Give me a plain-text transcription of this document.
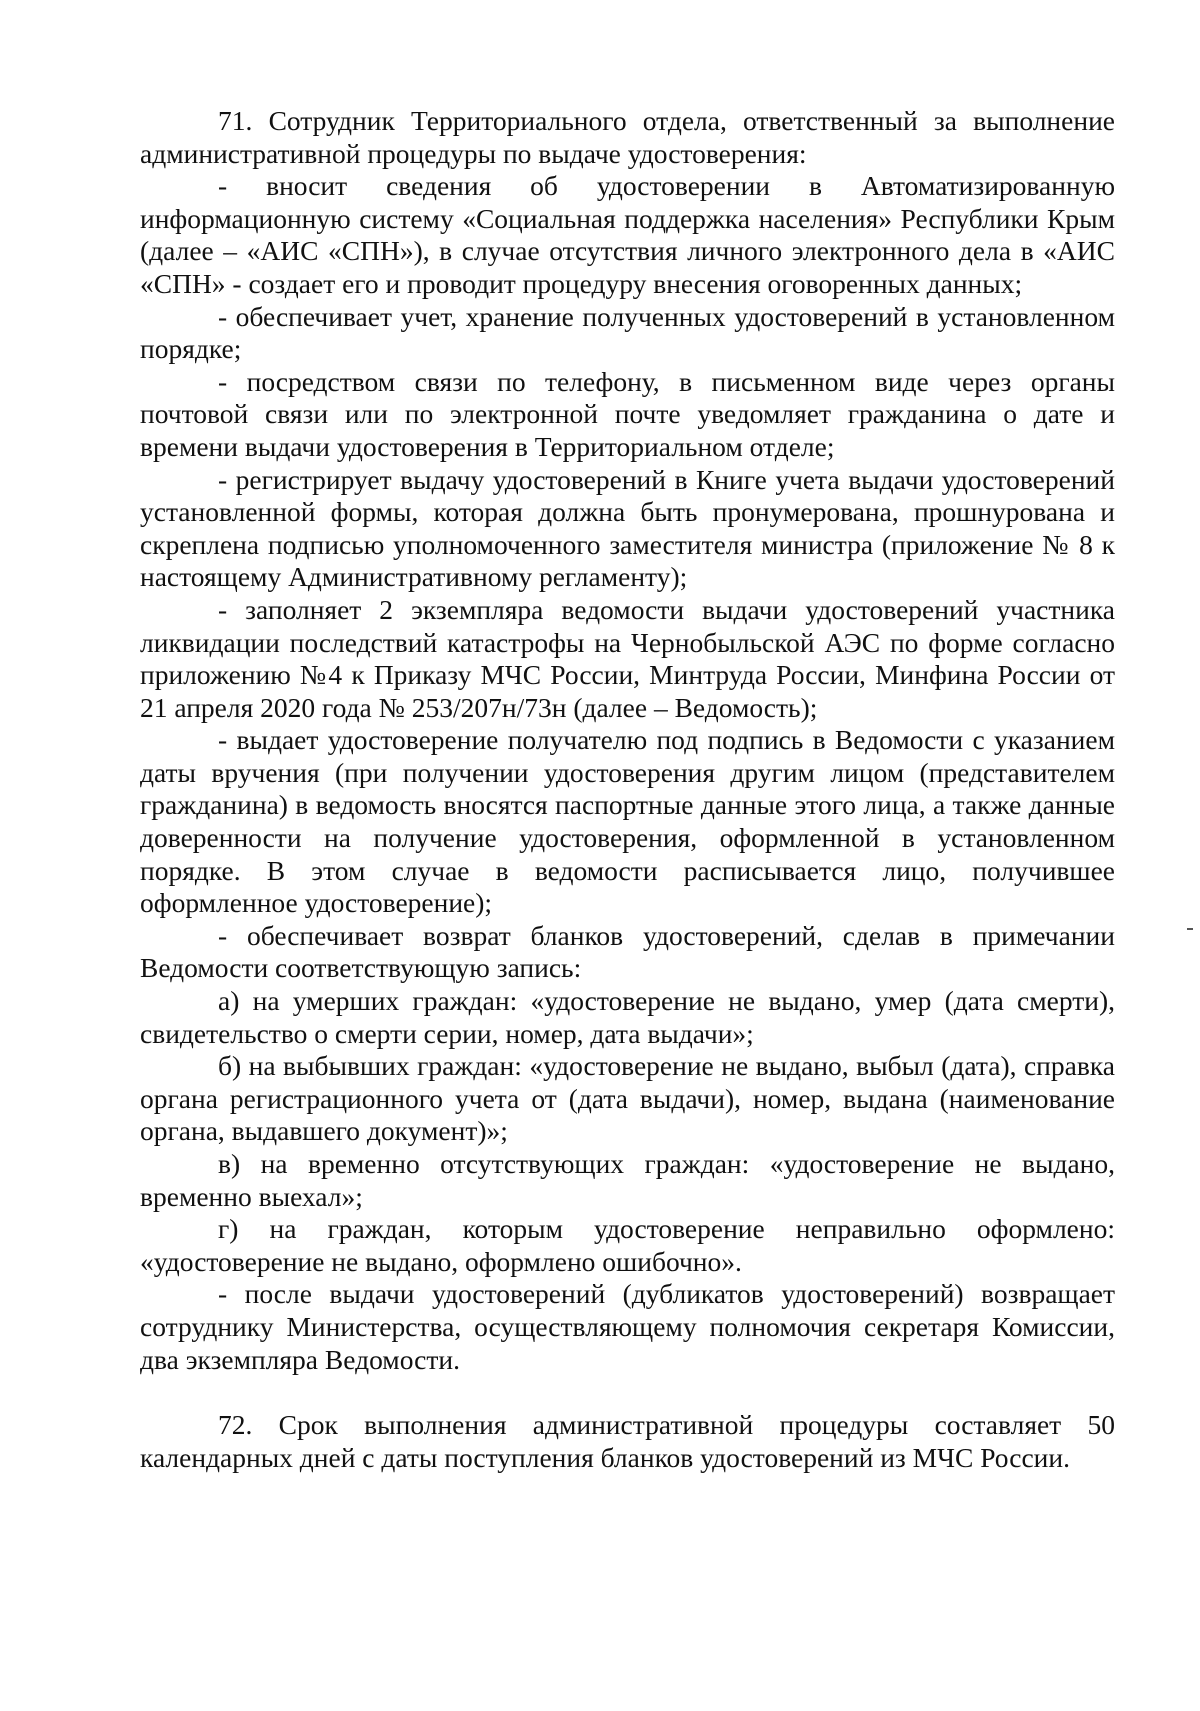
71. Сотрудник Территориального отдела, ответственный за выполнение административной процедуры по выдаче удостоверения:

- вносит сведения об удостоверении в Автоматизированную информационную систему «Социальная поддержка населения» Республики Крым (далее – «АИС «СПН»), в случае отсутствия личного электронного дела в «АИС «СПН» - создает его и проводит процедуру внесения оговоренных данных;

- обеспечивает учет, хранение полученных удостоверений в установленном порядке;

- посредством связи по телефону, в письменном виде через органы почтовой связи или по электронной почте уведомляет гражданина о дате и времени выдачи удостоверения в Территориальном отделе;

- регистрирует выдачу удостоверений в Книге учета выдачи удостоверений установленной формы, которая должна быть пронумерована, прошнурована и скреплена подписью уполномоченного заместителя министра (приложение № 8 к настоящему Административному регламенту);

- заполняет 2 экземпляра ведомости выдачи удостоверений участника ликвидации последствий катастрофы на Чернобыльской АЭС по форме согласно приложению №4 к Приказу МЧС России, Минтруда России, Минфина России от 21 апреля 2020 года № 253/207н/73н (далее – Ведомость);

- выдает удостоверение получателю под подпись в Ведомости с указанием даты вручения (при получении удостоверения другим лицом (представителем гражданина) в ведомость вносятся паспортные данные этого лица, а также данные доверенности на получение удостоверения, оформленной в установленном порядке. В этом случае в ведомости расписывается лицо, получившее оформленное удостоверение);

- обеспечивает возврат бланков удостоверений, сделав в примечании Ведомости соответствующую запись:

а) на умерших граждан: «удостоверение не выдано, умер (дата смерти), свидетельство о смерти серии, номер, дата выдачи»;

б) на выбывших граждан: «удостоверение не выдано, выбыл (дата), справка органа регистрационного учета от (дата выдачи), номер, выдана (наименование органа, выдавшего документ)»;

в) на временно отсутствующих граждан: «удостоверение не выдано, временно выехал»;

г) на граждан, которым удостоверение неправильно оформлено: «удостоверение не выдано, оформлено ошибочно».

- после выдачи удостоверений (дубликатов удостоверений) возвращает сотруднику Министерства, осуществляющему полномочия секретаря Комиссии, два экземпляра Ведомости.

72. Срок выполнения административной процедуры составляет 50 календарных дней с даты поступления бланков удостоверений из МЧС России.
